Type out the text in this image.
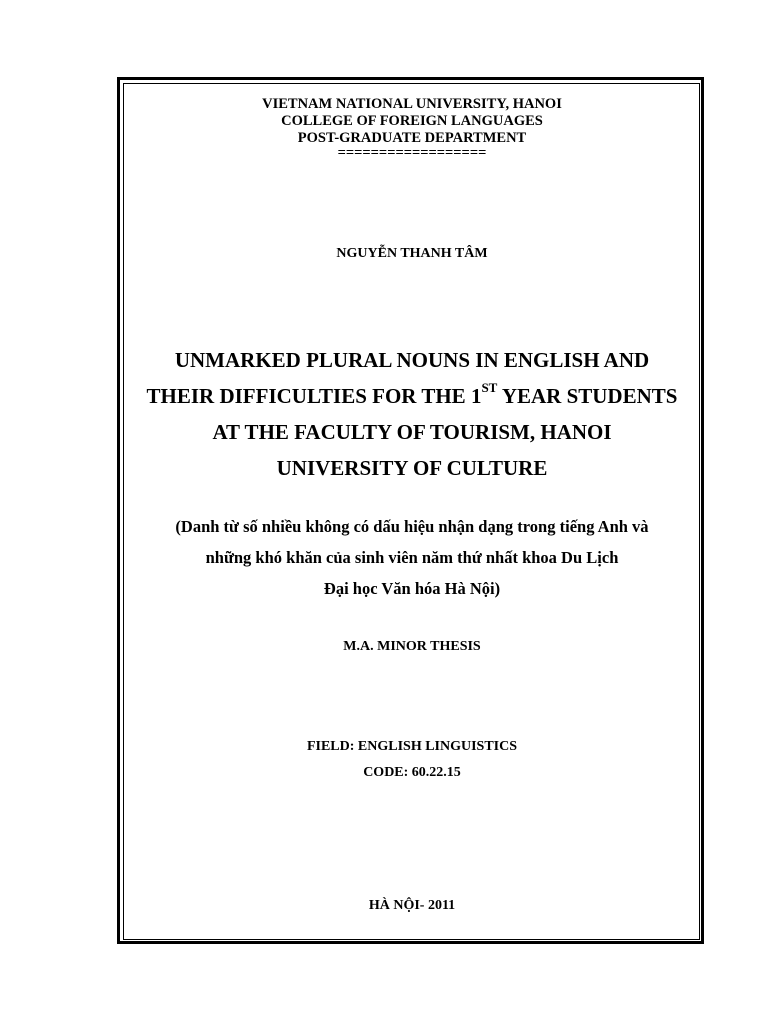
VIETNAM NATIONAL UNIVERSITY, HANOI
COLLEGE OF FOREIGN LANGUAGES
POST-GRADUATE DEPARTMENT
==================
NGUYỄN THANH TÂM
UNMARKED PLURAL NOUNS IN ENGLISH AND
THEIR DIFFICULTIES FOR THE 1ST YEAR STUDENTS
AT THE FACULTY OF TOURISM, HANOI
UNIVERSITY OF CULTURE
(Danh từ số nhiều không có dấu hiệu nhận dạng trong tiếng Anh và
những khó khăn của sinh viên năm thứ nhất khoa Du Lịch
Đại học Văn hóa Hà Nội)
M.A. MINOR THESIS
FIELD: ENGLISH LINGUISTICS
CODE: 60.22.15
HÀ NỘI- 2011
